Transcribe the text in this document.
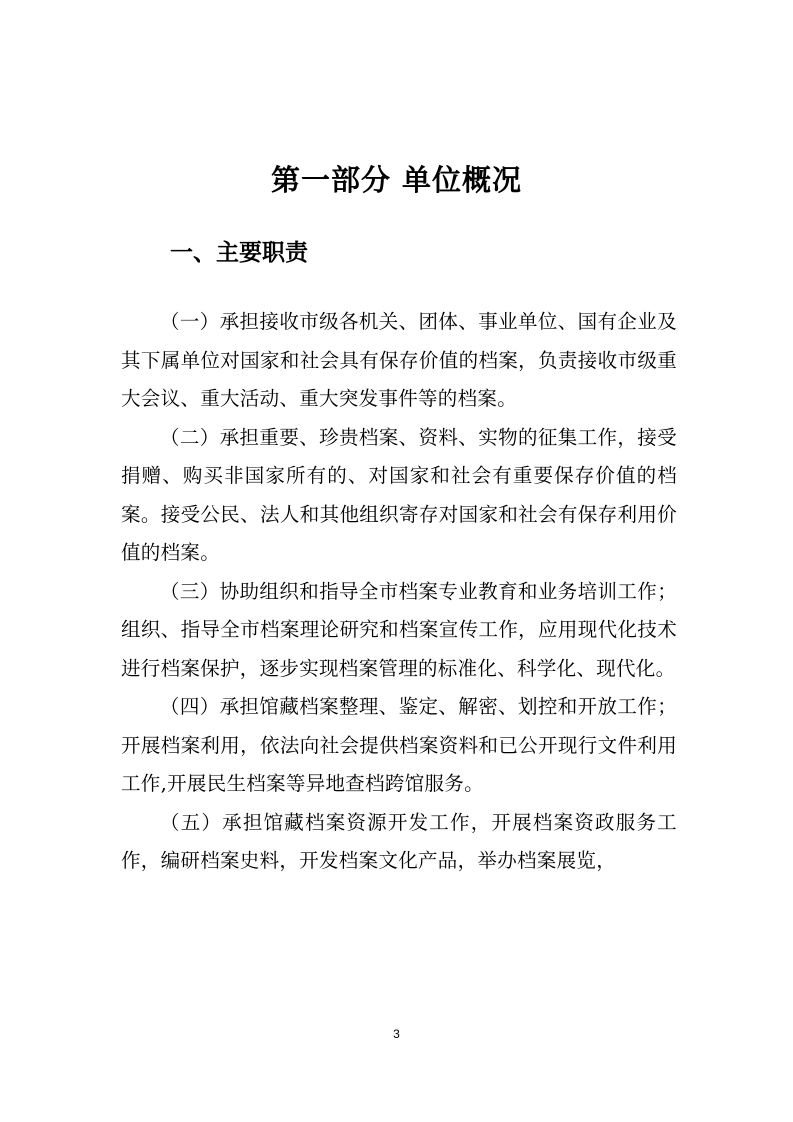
第一部分 单位概况
一、主要职责

（一）承担接收市级各机关、团体、事业单位、国有企业及其下属单位对国家和社会具有保存价值的档案，负责接收市级重大会议、重大活动、重大突发事件等的档案。

（二）承担重要、珍贵档案、资料、实物的征集工作，接受捐赠、购买非国家所有的、对国家和社会有重要保存价值的档案。接受公民、法人和其他组织寄存对国家和社会有保存利用价值的档案。

（三）协助组织和指导全市档案专业教育和业务培训工作；组织、指导全市档案理论研究和档案宣传工作，应用现代化技术进行档案保护，逐步实现档案管理的标准化、科学化、现代化。

（四）承担馆藏档案整理、鉴定、解密、划控和开放工作；开展档案利用，依法向社会提供档案资料和已公开现行文件利用工作,开展民生档案等异地查档跨馆服务。

（五）承担馆藏档案资源开发工作，开展档案资政服务工作，编研档案史料，开发档案文化产品，举办档案展览，

3
